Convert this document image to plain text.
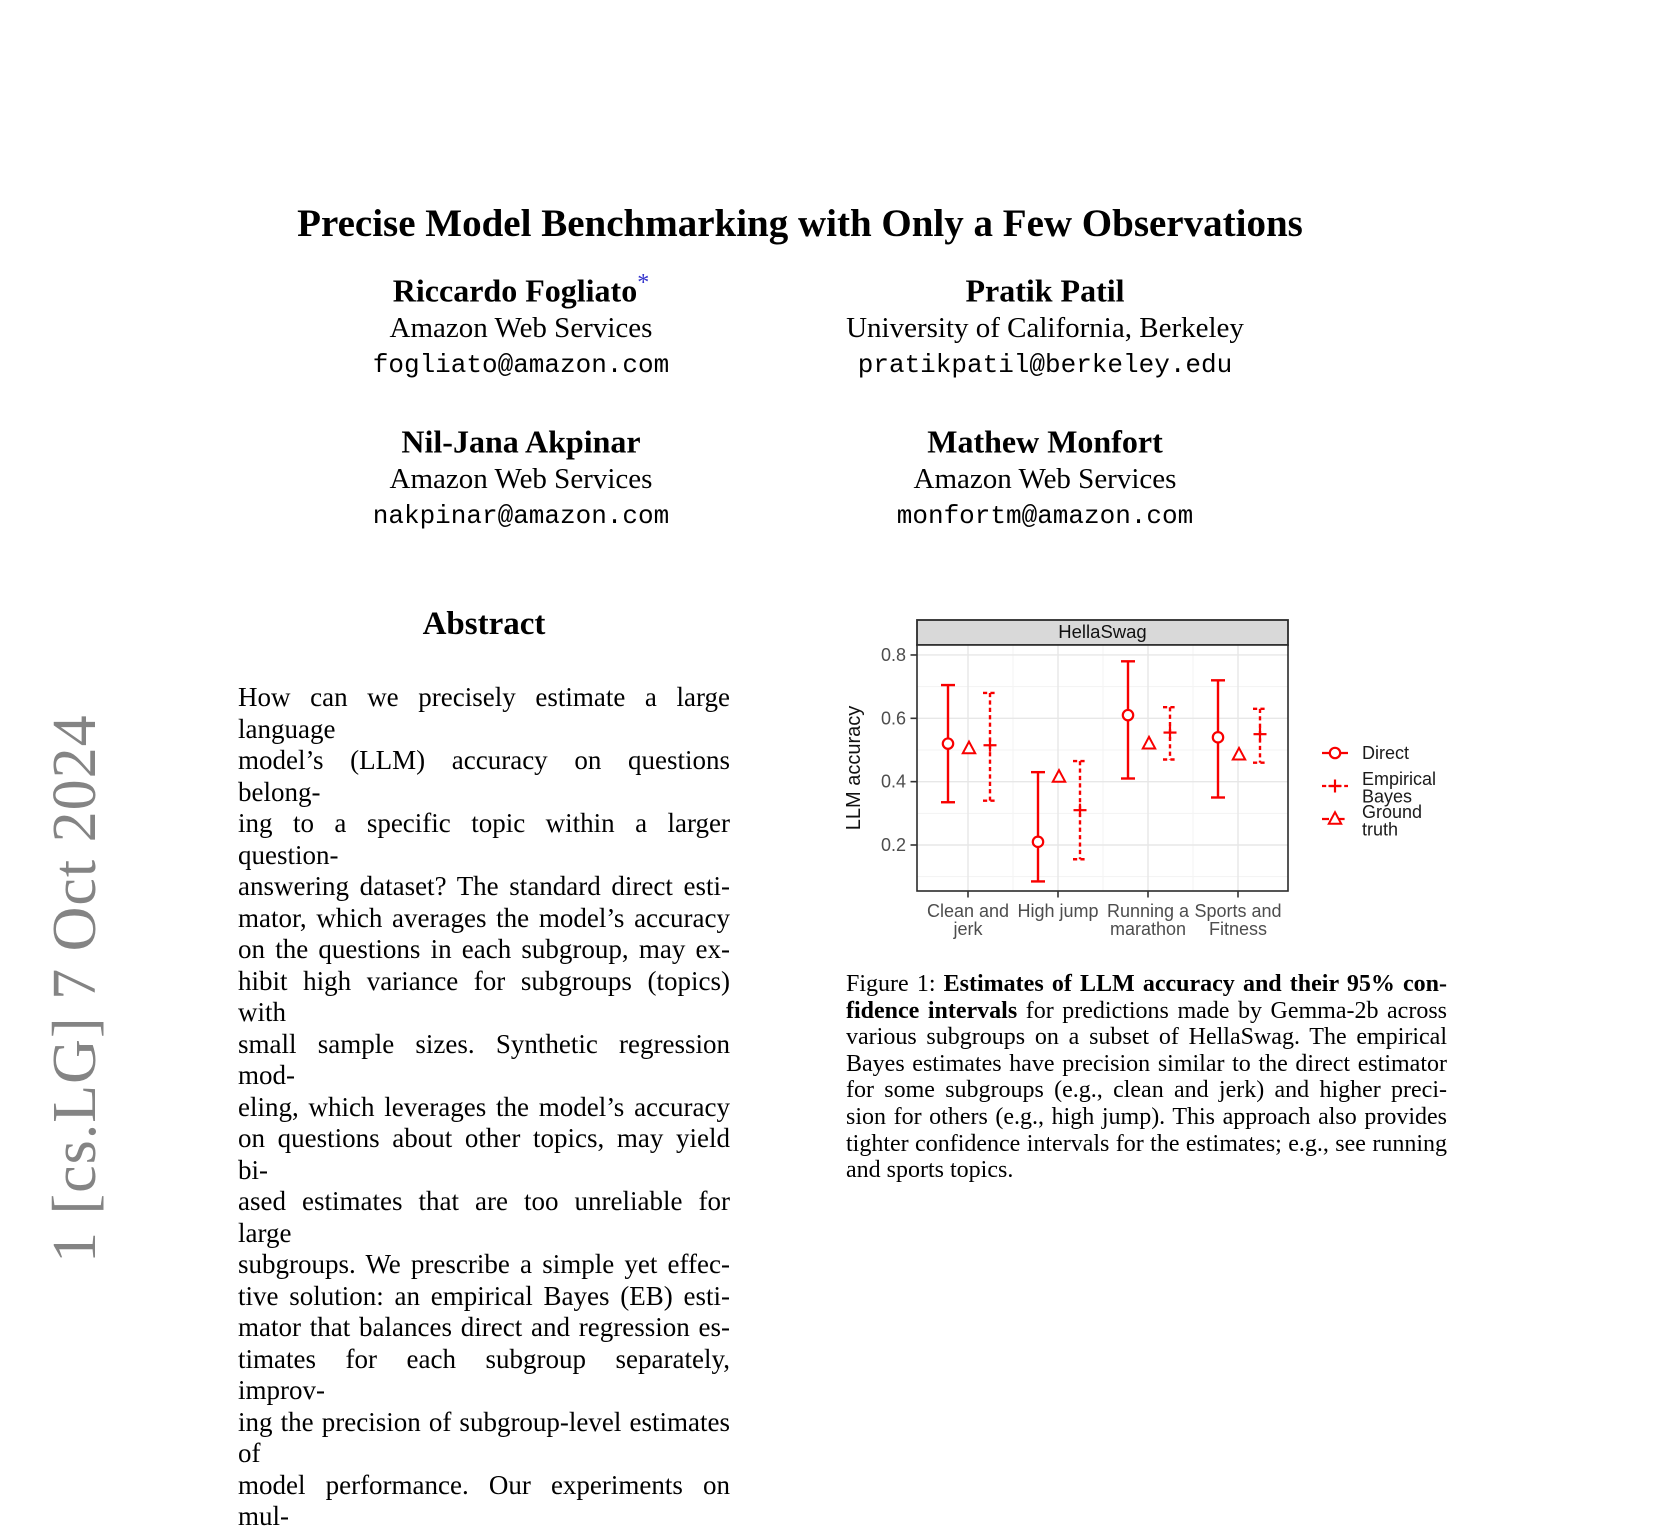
1 [cs.LG] 7 Oct 2024
Precise Model Benchmarking with Only a Few Observations
Riccardo Fogliato*
Amazon Web Services
fogliato@amazon.com
Pratik Patil
University of California, Berkeley
pratikpatil@berkeley.edu
Nil-Jana Akpinar
Amazon Web Services
nakpinar@amazon.com
Mathew Monfort
Amazon Web Services
monfortm@amazon.com
Abstract
How can we precisely estimate a large language
model’s (LLM) accuracy on questions belong-
ing to a specific topic within a larger question-
answering dataset? The standard direct esti-
mator, which averages the model’s accuracy
on the questions in each subgroup, may ex-
hibit high variance for subgroups (topics) with
small sample sizes. Synthetic regression mod-
eling, which leverages the model’s accuracy
on questions about other topics, may yield bi-
ased estimates that are too unreliable for large
subgroups. We prescribe a simple yet effec-
tive solution: an empirical Bayes (EB) esti-
mator that balances direct and regression es-
timates for each subgroup separately, improv-
ing the precision of subgroup-level estimates of
model performance. Our experiments on mul-
HellaSwag
0.2
0.4
0.6
0.8
LLM accuracy
Clean and jerk
High jump Running a marathon
Sports and Fitness
Direct
Empirical Bayes
Ground truth
Figure 1: Estimates of LLM accuracy and their 95% con-
fidence intervals for predictions made by Gemma-2b across
various subgroups on a subset of HellaSwag. The empirical
Bayes estimates have precision similar to the direct estimator
for some subgroups (e.g., clean and jerk) and higher preci-
sion for others (e.g., high jump). This approach also provides
tighter confidence intervals for the estimates; e.g., see running
and sports topics.
